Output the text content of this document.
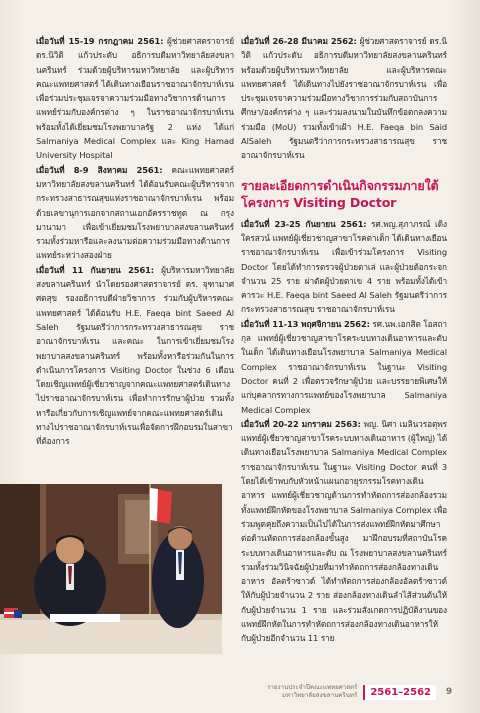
เมื่อวันที่ 15-19 กรกฎาคม 2561: ผู้ช่วยศาสตราจารย์ ดร.นิวิติ แก้วประดับ อธิการบดีมหาวิทยาลัยสงขลานครินทร์ ร่วมด้วยผู้บริหารมหาวิทยาลัย และผู้บริหารคณะแพทยศาสตร์ ได้เดินทางเยือนราชอาณาจักรบาห์เรน เพื่อร่วมประชุมเจรจาความร่วมมือทางวิชาการด้านการแพทย์ร่วมกับองค์กรต่าง ๆ ในราชอาณาจักรบาห์เรน พร้อมทั้งได้เยี่ยมชมโรงพยาบาลรัฐ 2 แห่ง ได้แก่ Salmaniya Medical Complex และ King Hamad University Hospital

เมื่อวันที่ 8-9 สิงหาคม 2561: คณะแพทยศาสตร์ มหาวิทยาลัยสงขลานครินทร์ ได้ต้อนรับคณะผู้บริหารจากกระทรวงสาธารณสุขแห่งราชอาณาจักรบาห์เรน พร้อมด้วยเลขานุการเอกจากสถานเอกอัครราชทูต ณ กรุงมานามา เพื่อเข้าเยี่ยมชมโรงพยาบาลสงขลานครินทร์ รวมทั้งร่วมหารือและลงนามต่อความร่วมมือทางด้านการแพทย์ระหว่างสองฝ่าย

เมื่อวันที่ 11 กันยายน 2561: ผู้บริหารมหาวิทยาลัยสงขลานครินทร์ นำโดยรองศาสตราจารย์ ดร. จุฑามาศ ศตสุข รองอธิการบดีฝ่ายวิชาการ ร่วมกับผู้บริหารคณะแพทยศาสตร์ ได้ต้อนรับ H.E. Faeqa bint Saeed Al Saleh รัฐมนตรีว่าการกระทรวงสาธารณสุข ราชอาณาจักรบาห์เรน และคณะ ในการเข้าเยี่ยมชมโรงพยาบาลสงขลานครินทร์ พร้อมทั้งหารือร่วมกันในการดำเนินการโครงการ Visiting Doctor ในช่วง 6 เดือน โดยเชิญแพทย์ผู้เชี่ยวชาญจากคณะแพทยศาสตร์เดินทางไปราชอาณาจักรบาห์เรน เพื่อทำการรักษาผู้ป่วย รวมทั้งหารือเกี่ยวกับการเชิญแพทย์จากคณะแพทยศาสตร์เดินทางไปราชอาณาจักรบาห์เรนเพื่อจัดการฝึกอบรมในสาขาที่ต้องการ

เมื่อวันที่ 26-28 มีนาคม 2562: ผู้ช่วยศาสตราจารย์ ดร.นิวิติ แก้วประดับ อธิการบดีมหาวิทยาลัยสงขลานครินทร์ พร้อมด้วยผู้บริหารมหาวิทยาลัย และผู้บริหารคณะแพทยศาสตร์ ได้เดินทางไปยังราชอาณาจักรบาห์เรน เพื่อประชุมเจรจาความร่วมมือทางวิชาการร่วมกับสถาบันการศึกษา/องค์กรต่าง ๆ และร่วมลงนามในบันทึกข้อตกลงความร่วมมือ (MoU) รวมทั้งเข้าเฝ้า H.E. Faeqa bin Said AlSaleh รัฐมนตรีว่าการกระทรวงสาธารณสุข ราชอาณาจักรบาห์เรน

รายละเอียดการดำเนินกิจกรรมภายใต้โครงการ Visiting Doctor

เมื่อวันที่ 23-25 กันยายน 2561: รศ.พญ.สุภาภรณ์ เดิงใครสวน์ แพทย์ผู้เชี่ยวชาญสาขาโรคตาเด็ก ได้เดินทางเยือนราชอาณาจักรบาห์เรน เพื่อเข้าร่วมโครงการ Visiting Doctor โดยได้ทำการตรวจผู้ป่วยตาเล่ และผู้ป่วยต้อกระจก จำนวน 25 ราย ผ่าตัดผู้ป่วยตาเข 4 ราย พร้อมทั้งได้เข้าคารวะ H.E. Faeqa bint Saeed Al Saleh รัฐมนตรีว่าการกระทรวงสาธารณสุข ราชอาณาจักรบาห์เรน

เมื่อวันที่ 11-13 พฤศจิกายน 2562: รศ.นพ.เอกสิต โอสถากุล แพทย์ผู้เชี่ยวชาญสาขาโรคระบบทางเดินอาหารและตับในเด็ก ได้เดินทางเยือนโรงพยาบาล Salmaniya Medical Complex ราชอาณาจักรบาห์เรน ในฐานะ Visiting Doctor คนที่ 2 เพื่อตรวจรักษาผู้ป่วย และบรรยายพิเศษให้แก่บุคลากรทางการแพทย์ของโรงพยาบาล Salmaniya Medical Complex

เมื่อวันที่ 20-22 มกราคม 2563: พญ. นิศา เมลินวรอตุพร แพทย์ผู้เชี่ยวชาญสาขาโรคระบบทางเดินอาหาร (ผู้ใหญ่) ได้เดินทางเยือนโรงพยาบาล Salmaniya Medical Complex ราชอาณาจักรบาห์เรน ในฐานะ Visiting Doctor คนที่ 3 โดยได้เข้าพบกับหัวหน้าแผนกอายุรกรรมโรคทางเดินอาหาร แพทย์ผู้เชี่ยวชาญด้านการทำหัตถการส่องกล้องรวมทั้งแพทย์ฝึกหัดของโรงพยาบาล Salmaniya Complex เพื่อร่วมพูดคุยถึงความเป็นไปได้ในการส่งแพทย์ฝึกหัดมาศึกษาต่อด้านหัตถการส่องกล้องขั้นสูง มาฝึกอบรมที่สถาบันโรคระบบทางเดินอาหารและตับ ณ โรงพยาบาลสงขลานครินทร์ รวมทั้งร่วมวินิจฉัยผู้ป่วยที่มาทำหัตถการส่องกล้องทางเดินอาหาร อัลตร้าซาวด์ ได้ทำหัตถการส่องกล้องอัลตร้าซาวด์ให้กับผู้ป่วยจำนวน 2 ราย ส่องกล้องทางเดินลำไส้ส่วนต้นให้กับผู้ป่วยจำนวน 1 ราย และร่วมสังเกตการปฏิบัติงานของแพทย์ฝึกหัดในการทำหัตถการส่องกล้องทางเดินอาหารให้กับผู้ป่วยอีกจำนวน 11 ราย

รายงานประจำปีคณะแพทยศาสตร์
มหาวิทยาลัยสงขลานครินทร์	2561–2562	9
